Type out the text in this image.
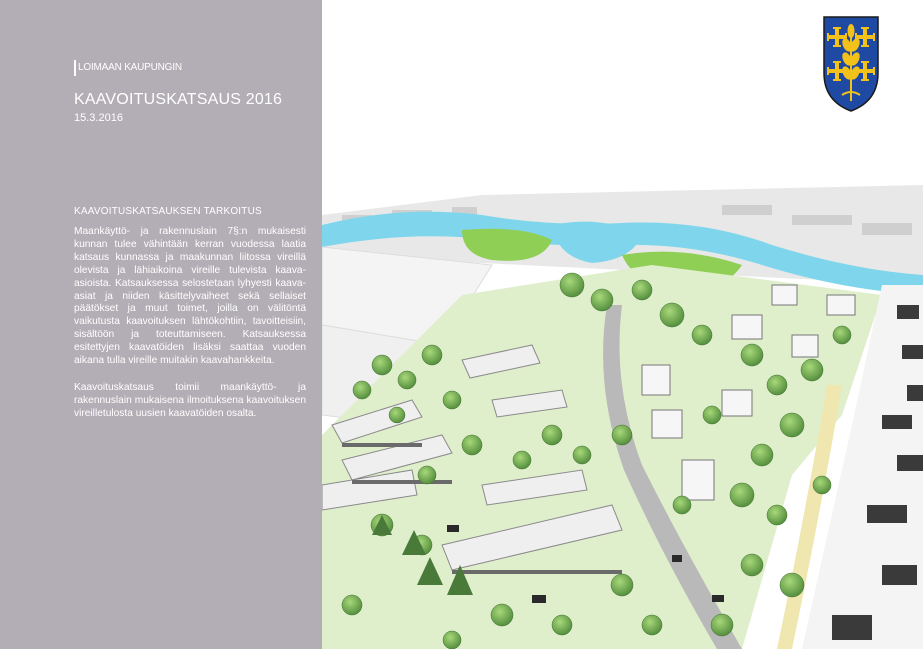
LOIMAAN KAUPUNGIN
KAAVOITUSKATSAUS 2016
15.3.2016
KAAVOITUSKATSAUKSEN TARKOITUS

Maankäyttö- ja rakennuslain 7§:n mukaisesti kunnan tulee vähintään kerran vuodessa laatia katsaus kunnassa ja maakunnan liitossa vireillä olevista ja lähiaikoina vireille tulevista kaava-asioista. Katsauksessa selostetaan lyhyesti kaava-asiat ja niiden käsittelyvaiheet sekä sellaiset päätökset ja muut toimet, joilla on välitöntä vaikutusta kaavoituksen lähtökohtiin, tavoitteisiin, sisältöön ja toteuttamiseen. Katsauksessa esitettyjen kaavatöiden lisäksi saattaa vuoden aikana tulla vireille muitakin kaavahankkeita.

Kaavoituskatsaus toimii maankäyttö- ja rakennuslain mukaisena ilmoituksena kaavoituksen vireilletulosta uusien kaavatöiden osalta.
